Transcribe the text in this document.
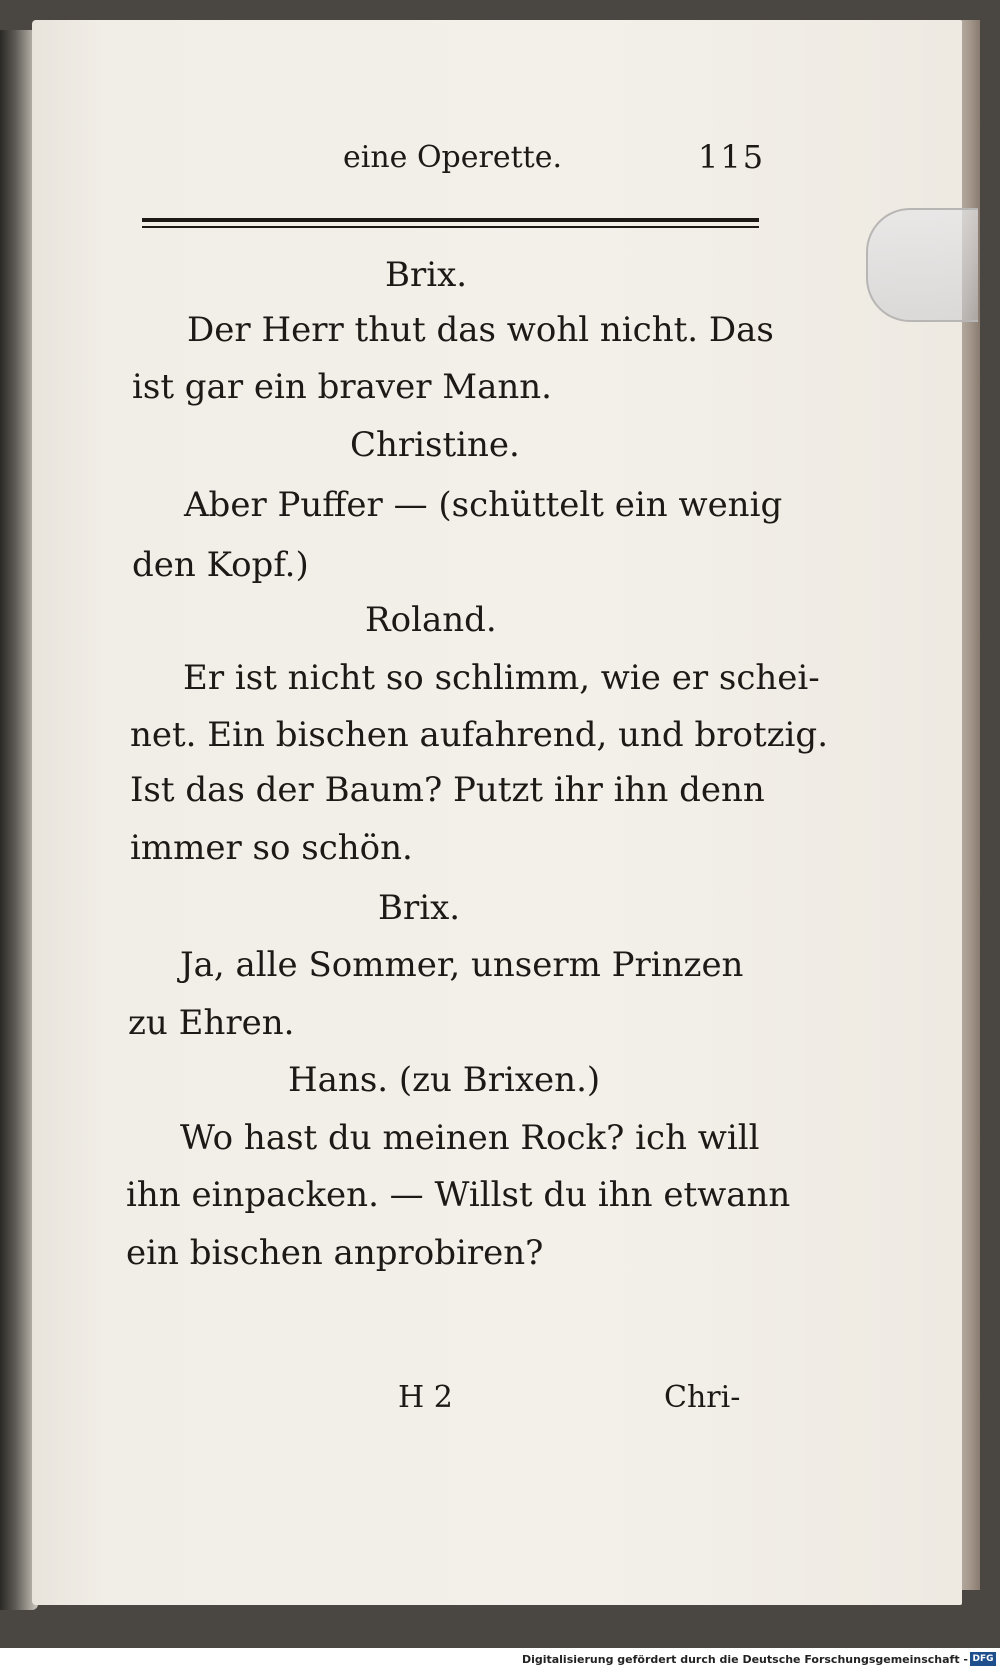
eine Operette.	115
Brix.
Der Herr thut das wohl nicht. Das
ist gar ein braver Mann.
Christine.
Aber Puffer — (schüttelt ein wenig
den Kopf.)
Roland.
Er ist nicht so schlimm, wie er schei-
net. Ein bischen aufahrend, und brotzig.
Ist das der Baum? Putzt ihr ihn denn
immer so schön.
Brix.
Ja, alle Sommer, unserm Prinzen
zu Ehren.
Hans. (zu Brixen.)
Wo hast du meinen Rock? ich will
ihn einpacken. — Willst du ihn etwann
ein bischen anprobiren?
H 2	Chri-
Digitalisierung gefördert durch die Deutsche Forschungsgemeinschaft - DFG
